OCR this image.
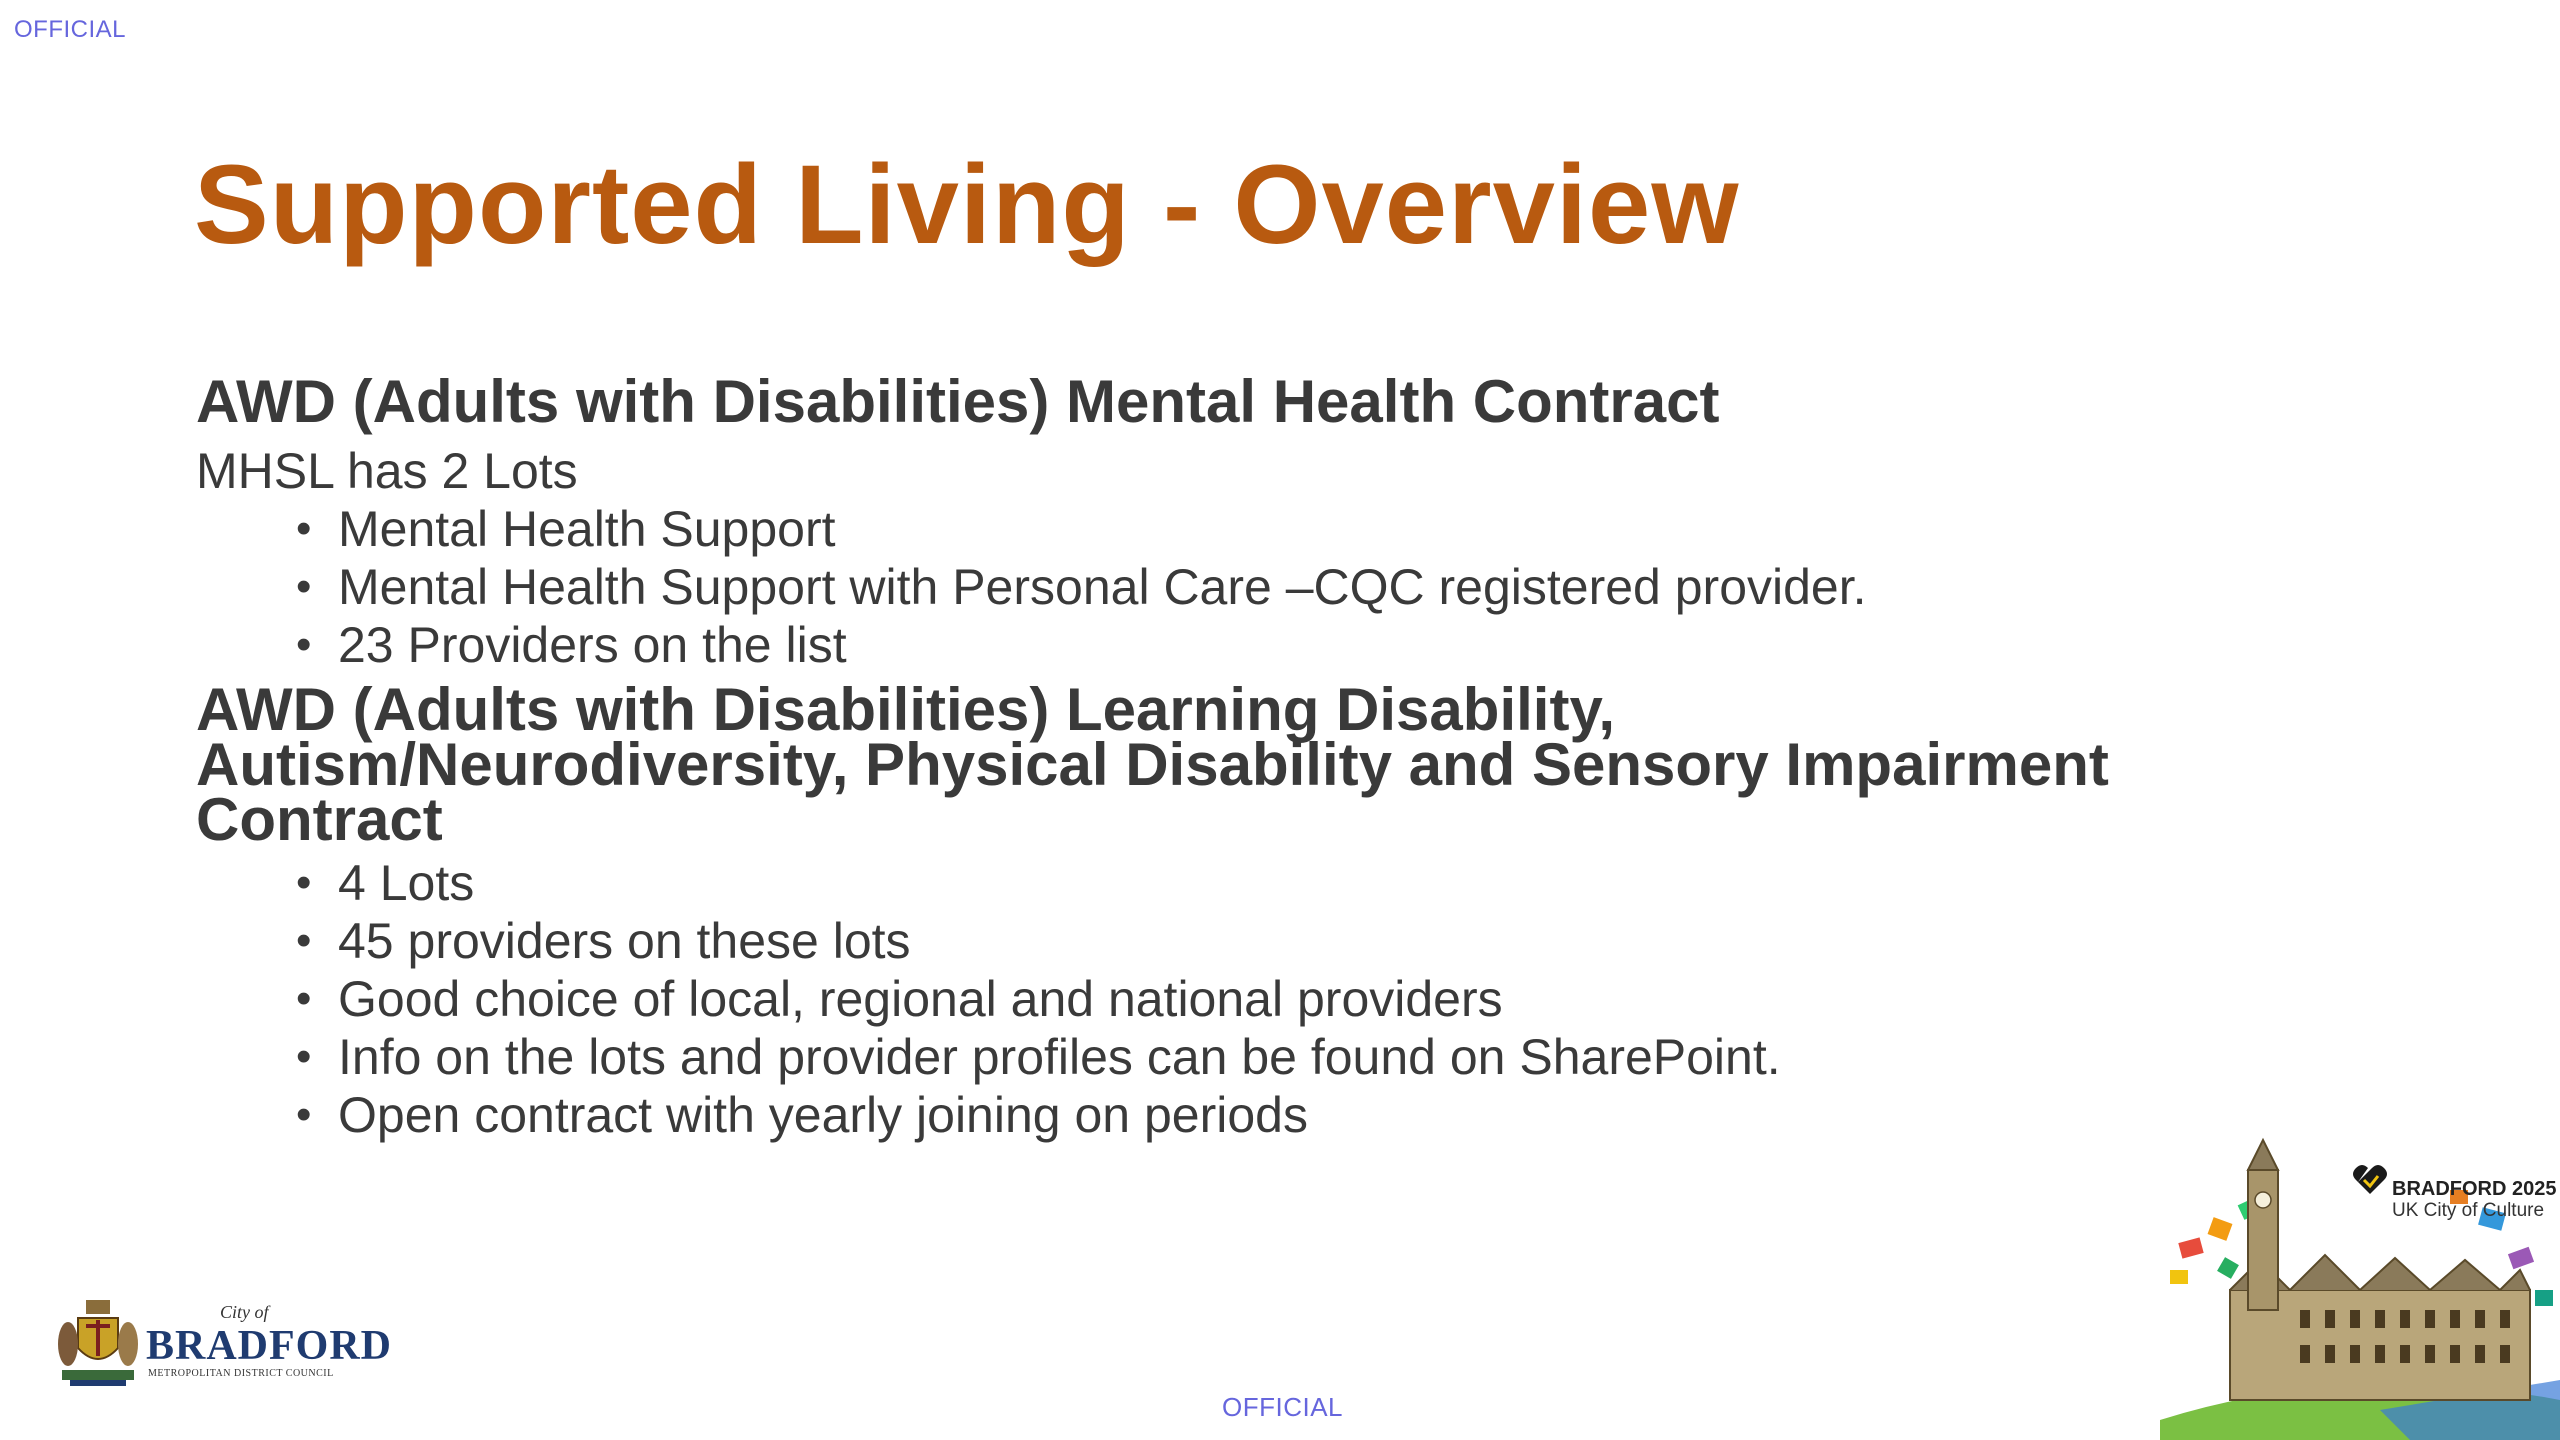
OFFICIAL
Supported Living - Overview
AWD (Adults with Disabilities) Mental Health Contract

MHSL has 2 Lots

• Mental Health Support
• Mental Health Support with Personal Care –CQC registered provider.
• 23 Providers on the list
AWD (Adults with Disabilities) Learning Disability,
Autism/Neurodiversity, Physical Disability and Sensory Impairment
Contract
• 4 Lots
• 45 providers on these lots
• Good choice of local, regional and national providers
• Info on the lots and provider profiles can be found on SharePoint.
• Open contract with yearly joining on periods
City of
BRADFORD
METROPOLITAN DISTRICT COUNCIL
BRADFORD 2025
UK City of Culture
OFFICIAL
